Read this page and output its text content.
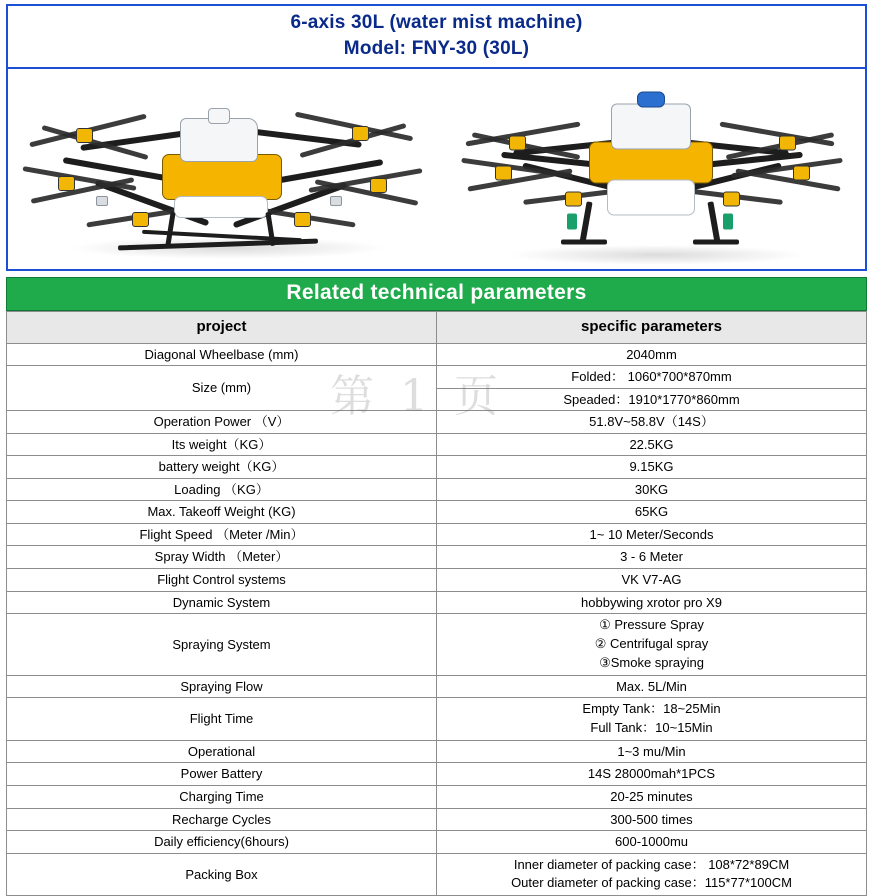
6-axis 30L (water mist machine)
Model: FNY-30 (30L)
Related technical parameters
project	specific parameters
Diagonal Wheelbase (mm)	2040mm
Size (mm)	Folded： 1060*700*870mm
	Speaded：1910*1770*860mm
Operation Power （V）	51.8V~58.8V（14S）
Its weight（KG）	22.5KG
battery weight（KG）	9.15KG
Loading （KG）	30KG
Max. Takeoff Weight (KG)	65KG
Flight Speed （Meter /Min）	1~ 10 Meter/Seconds
Spray Width （Meter）	3 - 6 Meter
Flight Control systems	VK V7-AG
Dynamic System	hobbywing xrotor pro X9
Spraying System	① Pressure Spray
② Centrifugal spray
③Smoke spraying

Spraying Flow	Max. 5L/Min
Flight Time	Empty Tank：18~25Min
Full Tank：10~15Min

Operational	1~3 mu/Min
Power Battery	14S 28000mah*1PCS
Charging Time	20-25 minutes
Recharge Cycles	300-500 times
Daily efficiency(6hours)	600-1000mu
Packing Box	Inner diameter of packing case： 108*72*89CM
Outer diameter of packing case：115*77*100CM
第 1 页
